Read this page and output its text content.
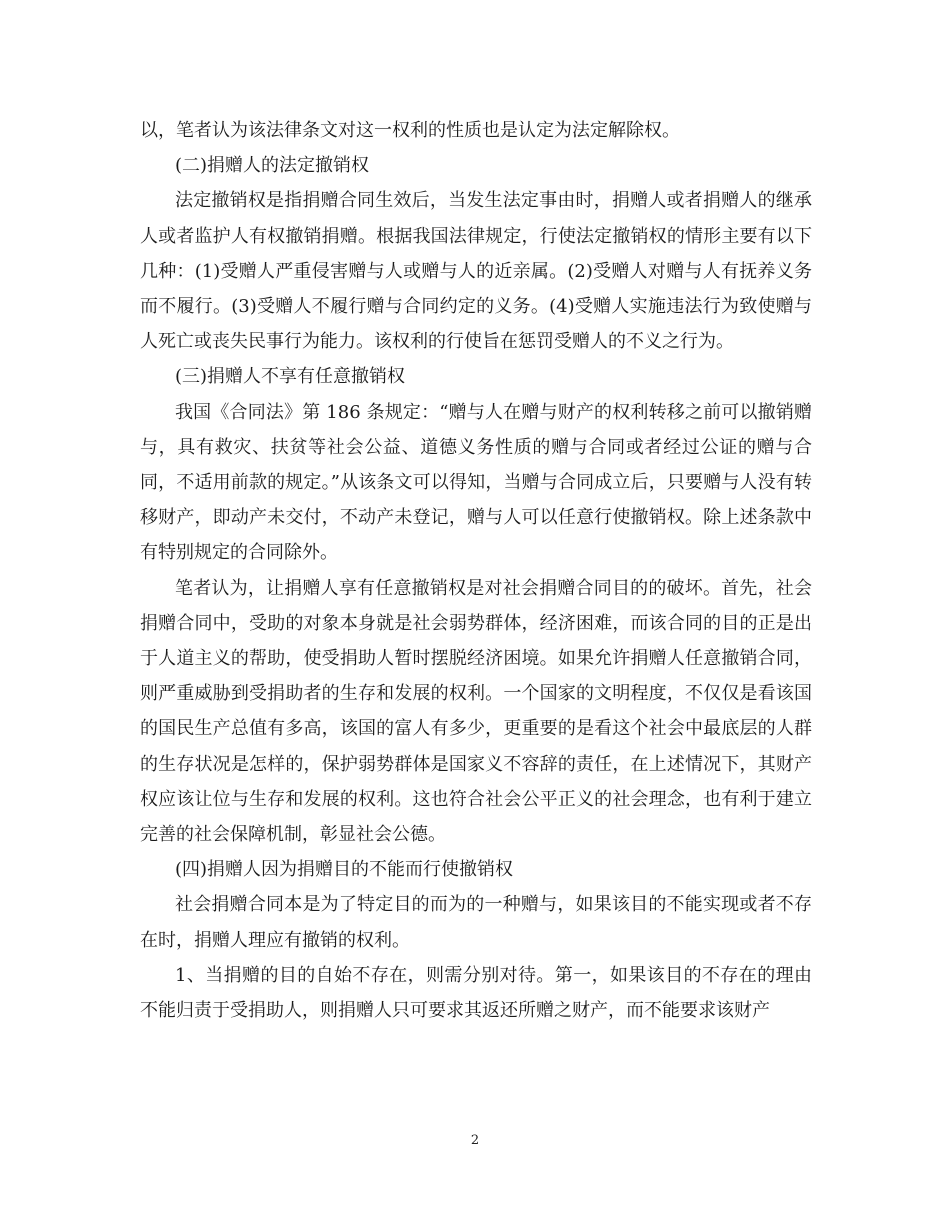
以，笔者认为该法律条文对这一权利的性质也是认定为法定解除权。

(二)捐赠人的法定撤销权

法定撤销权是指捐赠合同生效后，当发生法定事由时，捐赠人或者捐赠人的继承人或者监护人有权撤销捐赠。根据我国法律规定，行使法定撤销权的情形主要有以下几种：(1)受赠人严重侵害赠与人或赠与人的近亲属。(2)受赠人对赠与人有抚养义务而不履行。(3)受赠人不履行赠与合同约定的义务。(4)受赠人实施违法行为致使赠与人死亡或丧失民事行为能力。该权利的行使旨在惩罚受赠人的不义之行为。

(三)捐赠人不享有任意撤销权

我国《合同法》第 186 条规定：“赠与人在赠与财产的权利转移之前可以撤销赠与，具有救灾、扶贫等社会公益、道德义务性质的赠与合同或者经过公证的赠与合同，不适用前款的规定。”从该条文可以得知，当赠与合同成立后，只要赠与人没有转移财产，即动产未交付，不动产未登记，赠与人可以任意行使撤销权。除上述条款中有特别规定的合同除外。

笔者认为，让捐赠人享有任意撤销权是对社会捐赠合同目的的破坏。首先，社会捐赠合同中，受助的对象本身就是社会弱势群体，经济困难，而该合同的目的正是出于人道主义的帮助，使受捐助人暂时摆脱经济困境。如果允许捐赠人任意撤销合同，则严重威胁到受捐助者的生存和发展的权利。一个国家的文明程度，不仅仅是看该国的国民生产总值有多高，该国的富人有多少，更重要的是看这个社会中最底层的人群的生存状况是怎样的，保护弱势群体是国家义不容辞的责任，在上述情况下，其财产权应该让位与生存和发展的权利。这也符合社会公平正义的社会理念，也有利于建立完善的社会保障机制，彰显社会公德。

(四)捐赠人因为捐赠目的不能而行使撤销权

社会捐赠合同本是为了特定目的而为的一种赠与，如果该目的不能实现或者不存在时，捐赠人理应有撤销的权利。

1、当捐赠的目的自始不存在，则需分别对待。第一，如果该目的不存在的理由不能归责于受捐助人，则捐赠人只可要求其返还所赠之财产，而不能要求该财产

2
